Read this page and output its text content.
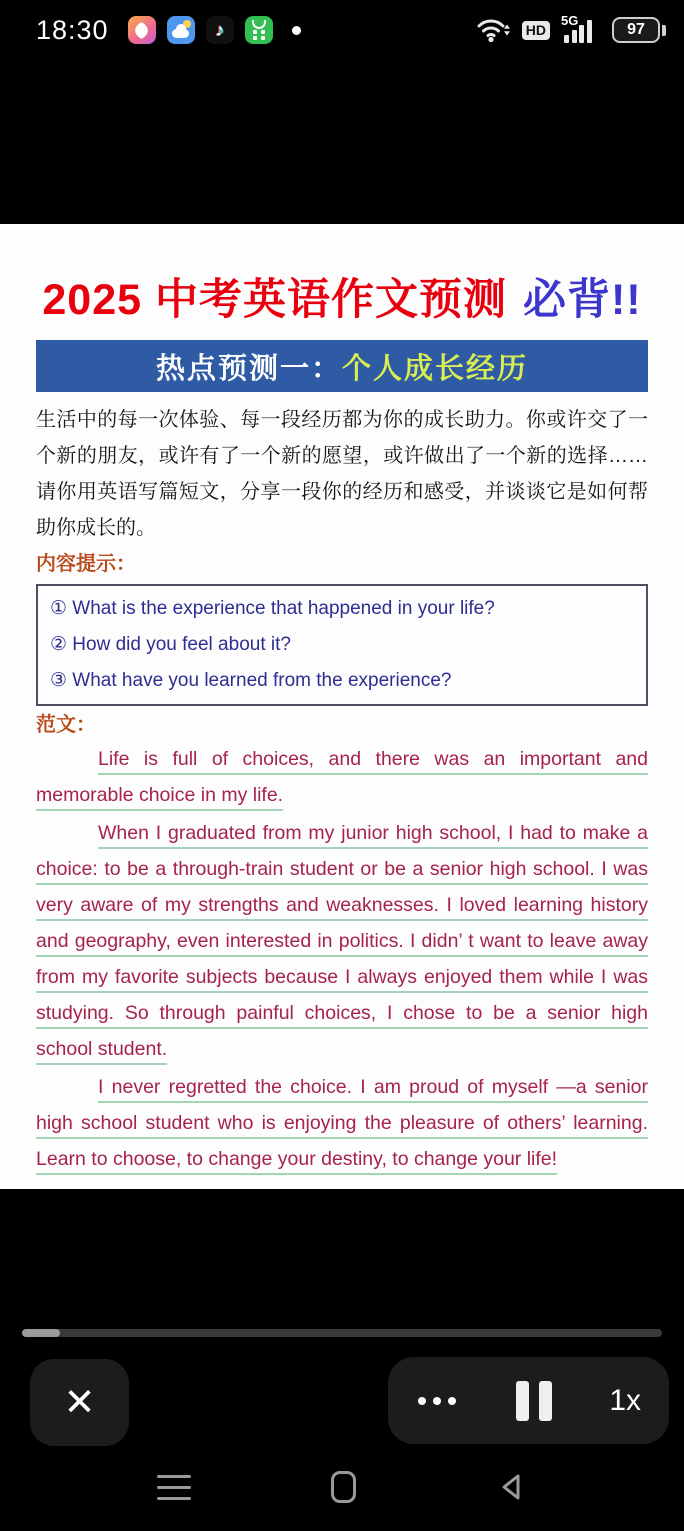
18:30	♪	HD
5G
97
2025 中考英语作文预测 必背!!
热点预测一： 个人成长经历

生活中的每一次体验、每一段经历都为你的成长助力。你或许交了一个新的朋友，或许有了一个新的愿望，或许做出了一个新的选择……请你用英语写篇短文，分享一段你的经历和感受，并谈谈它是如何帮助你成长的。

内容提示：

① What is the experience that happened in your life?

② How did you feel about it?

③ What have you learned from the experience?

范文：

Life is full of choices, and there was an important and memorable choice in my life.

When I graduated from my junior high school, I had to make a choice: to be a through-train student or be a senior high school. I was very aware of my strengths and weaknesses. I loved learning history and geography, even interested in politics. I didn’ t want to leave away from my favorite subjects because I always enjoyed them while I was studying. So through painful choices, I chose to be a senior high school student.

I never regretted the choice. I am proud of myself —a senior high school student who is enjoying the pleasure of others’ learning. Learn to choose, to change your destiny, to change your life!

✕	1x
